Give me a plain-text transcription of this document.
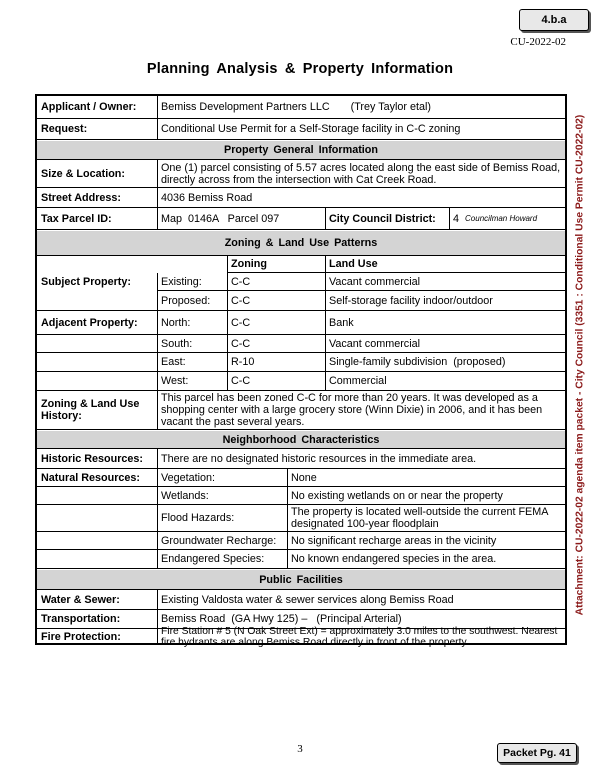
4.b.a
CU-2022-02
Planning Analysis & Property Information
Attachment: CU-2022-02 agenda item packet - City Council (3351 : Conditional Use Permit CU-2022-02)
Applicant / Owner:	Bemiss Development Partners LLC       (Trey Taylor etal)
Request:	Conditional Use Permit for a Self-Storage facility in C-C zoning
Property General Information
Size & Location:	One (1) parcel consisting of 5.57 acres located along the east side of Bemiss Road, directly across from the intersection with Cat Creek Road.
Street Address:	4036 Bemiss Road
Tax Parcel ID:	Map  0146A   Parcel 097	City Council District:	4 Councilman Howard
Zoning & Land Use Patterns
Zoning	Land Use
Subject Property:	Existing:	C-C	Vacant commercial
Proposed:	C-C	Self-storage facility indoor/outdoor
Adjacent Property:	North:	C-C	Bank
South:	C-C	Vacant commercial
East:	R-10	Single-family subdivision  (proposed)
West:	C-C	Commercial
Zoning & Land Use History:
This parcel has been zoned C-C for more than 20 years. It was developed as a shopping center with a large grocery store (Winn Dixie) in 2006, and it has been vacant the past several years.
Neighborhood Characteristics
Historic Resources:	There are no designated historic resources in the immediate area.
Natural Resources:	Vegetation:	None
Wetlands:	No existing wetlands on or near the property
Flood Hazards:	The property is located well-outside the current FEMA designated 100-year floodplain
Groundwater Recharge:	No significant recharge areas in the vicinity
Endangered Species:	No known endangered species in the area.
Public Facilities
Water & Sewer:	Existing Valdosta water & sewer services along Bemiss Road
Transportation:	Bemiss Road  (GA Hwy 125) –   (Principal Arterial)
Fire Protection:	Fire Station # 5 (N Oak Street Ext) = approximately 3.0 miles to the southwest. Nearest fire hydrants are along Bemiss Road directly in front of the property
3	Packet Pg. 41
